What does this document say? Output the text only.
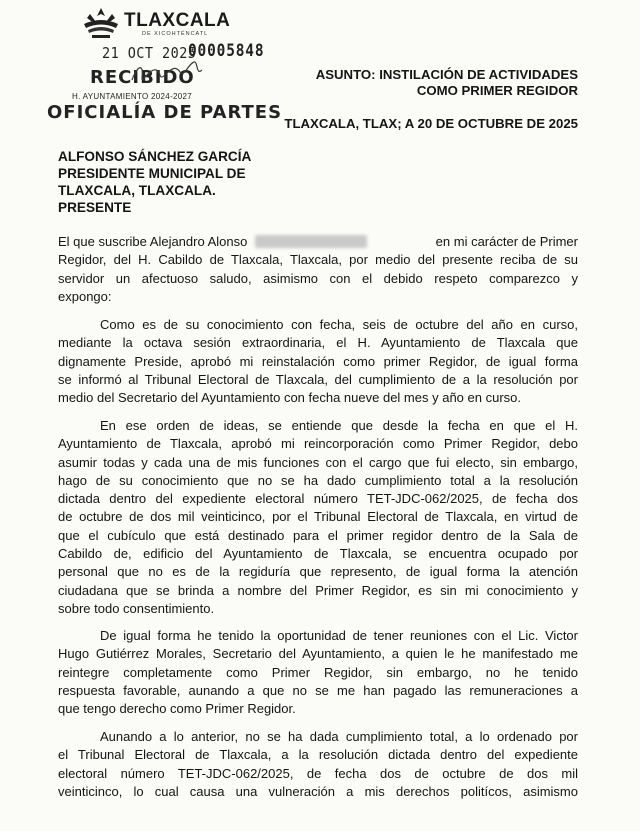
TLAXCALA
DE XICOHTÉNCATL
21 OCT 2025
00005848
RECIBIDO
H. AYUNTAMIENTO 2024-2027
OFICIALÍA DE PARTES
ASUNTO: INSTILACIÓN DE ACTIVIDADES
COMO PRIMER REGIDOR
TLAXCALA, TLAX; A 20 DE OCTUBRE DE 2025
ALFONSO SÁNCHEZ GARCÍA
PRESIDENTE MUNICIPAL DE
TLAXCALA, TLAXCALA.
PRESENTE
El que suscribe Alejandro Alonso	en mi carácter de Primer
Regidor, del H. Cabildo de Tlaxcala, Tlaxcala, por medio del presente reciba de su
servidor un afectuoso saludo, asimismo con el debido respeto comparezco y
expongo:
Como es de su conocimiento con fecha, seis de octubre del año en curso,
mediante la octava sesión extraordinaria, el H. Ayuntamiento de Tlaxcala que
dignamente Preside, aprobó mi reinstalación como primer Regidor, de igual forma
se informó al Tribunal Electoral de Tlaxcala, del cumplimiento de a la resolución por
medio del Secretario del Ayuntamiento con fecha nueve del mes y año en curso.
En ese orden de ideas, se entiende que desde la fecha en que el H.
Ayuntamiento de Tlaxcala, aprobó mi reincorporación como Primer Regidor, debo
asumir todas y cada una de mis funciones con el cargo que fui electo, sin embargo,
hago de su conocimiento que no se ha dado cumplimiento total a la resolución
dictada dentro del expediente electoral número TET-JDC-062/2025, de fecha dos
de octubre de dos mil veinticinco, por el Tribunal Electoral de Tlaxcala, en virtud de
que el cubículo que está destinado para el primer regidor dentro de la Sala de
Cabildo de, edificio del Ayuntamiento de Tlaxcala, se encuentra ocupado por
personal que no es de la regiduría que represento, de igual forma la atención
ciudadana que se brinda a nombre del Primer Regidor, es sin mi conocimiento y
sobre todo consentimiento.
De igual forma he tenido la oportunidad de tener reuniones con el Lic. Victor
Hugo Gutiérrez Morales, Secretario del Ayuntamiento, a quien le he manifestado me
reintegre completamente como Primer Regidor, sin embargo, no he tenido
respuesta favorable, aunando a que no se me han pagado las remuneraciones a
que tengo derecho como Primer Regidor.
Aunando a lo anterior, no se ha dada cumplimiento total, a lo ordenado por
el Tribunal Electoral de Tlaxcala, a la resolución dictada dentro del expediente
electoral número TET-JDC-062/2025, de fecha dos de octubre de dos mil
veinticinco, lo cual causa una vulneración a mis derechos politícos, asimismo
